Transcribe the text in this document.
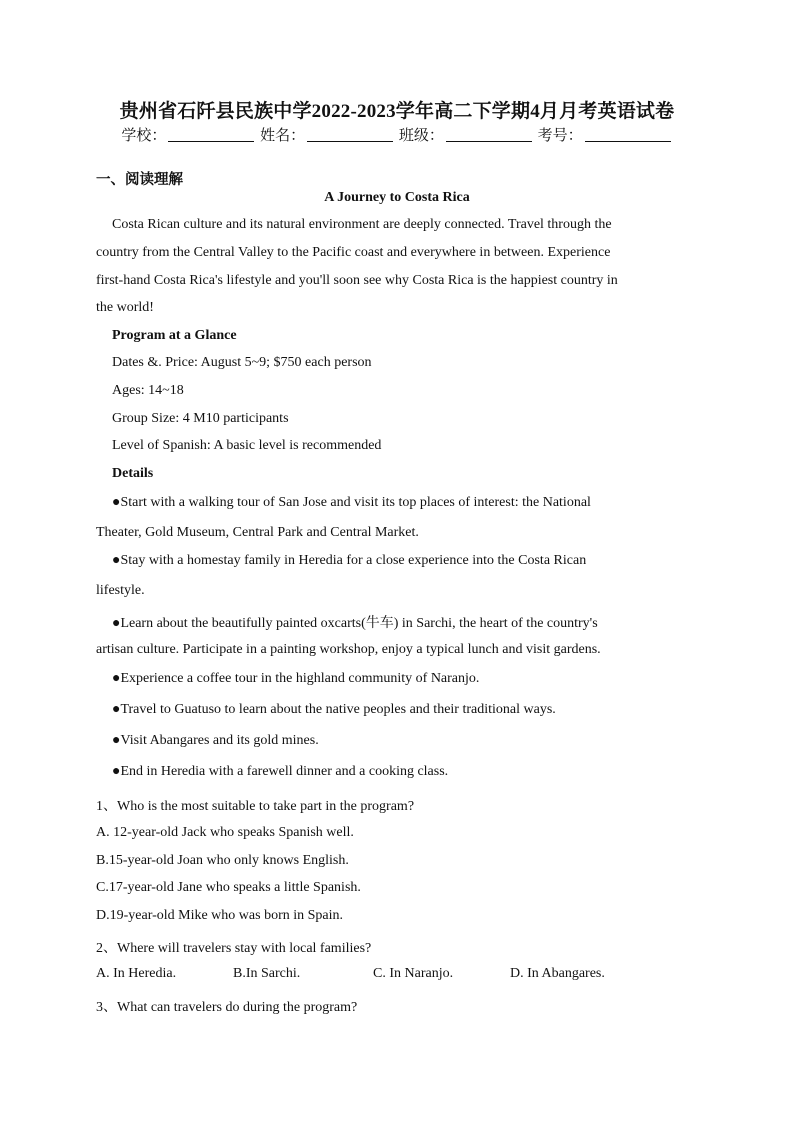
贵州省石阡县民族中学2022-2023学年高二下学期4月月考英语试卷
学校：	姓名：	班级：	考号：
一、阅读理解
A Journey to Costa Rica
Costa Rican culture and its natural environment are deeply connected. Travel through the
country from the Central Valley to the Pacific coast and everywhere in between. Experience
first-hand Costa Rica's lifestyle and you'll soon see why Costa Rica is the happiest country in
the world!
Program at a Glance
Dates &. Price: August 5~9; $750 each person
Ages: 14~18
Group Size: 4 M10 participants
Level of Spanish: A basic level is recommended
Details
●Start with a walking tour of San Jose and visit its top places of interest: the National
Theater, Gold Museum, Central Park and Central Market.
●Stay with a homestay family in Heredia for a close experience into the Costa Rican
lifestyle.
●Learn about the beautifully painted oxcarts(牛车) in Sarchi, the heart of the country's
artisan culture. Participate in a painting workshop, enjoy a typical lunch and visit gardens.
●Experience a coffee tour in the highland community of Naranjo.
●Travel to Guatuso to learn about the native peoples and their traditional ways.
●Visit Abangares and its gold mines.
●End in Heredia with a farewell dinner and a cooking class.
1、Who is the most suitable to take part in the program?
A. 12-year-old Jack who speaks Spanish well.
B.15-year-old Joan who only knows English.
C.17-year-old Jane who speaks a little Spanish.
D.19-year-old Mike who was born in Spain.
2、Where will travelers stay with local families?
A. In Heredia.	B.In Sarchi.	C. In Naranjo.	D. In Abangares.
3、What can travelers do during the program?
